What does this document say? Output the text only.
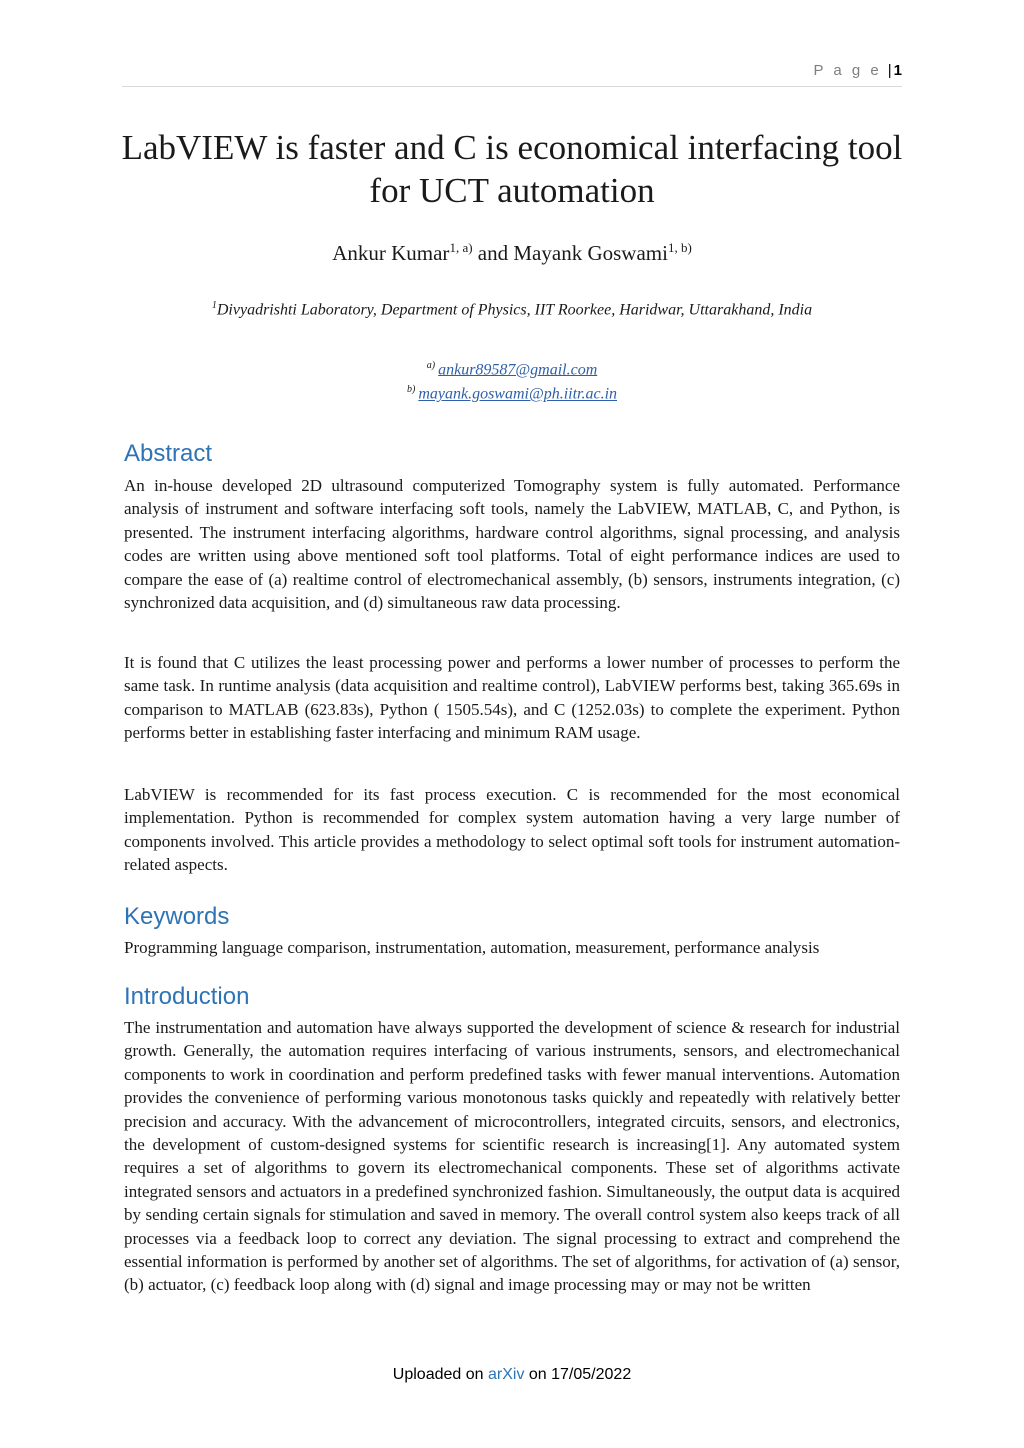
P a g e | 1
LabVIEW is faster and C is economical interfacing tool for UCT automation
Ankur Kumar$^{1, a)}$ and Mayank Goswami$^{1, b)}$
$^1$Divyadrishti Laboratory, Department of Physics, IIT Roorkee, Haridwar, Uttarakhand, India
$^{a)}$ ankur89587@gmail.com
$^{b)}$ mayank.goswami@ph.iitr.ac.in
Abstract

An in-house developed 2D ultrasound computerized Tomography system is fully automated. Performance analysis of instrument and software interfacing soft tools, namely the LabVIEW, MATLAB, C, and Python, is presented. The instrument interfacing algorithms, hardware control algorithms, signal processing, and analysis codes are written using above mentioned soft tool platforms. Total of eight performance indices are used to compare the ease of (a) realtime control of electromechanical assembly, (b) sensors, instruments integration, (c) synchronized data acquisition, and (d) simultaneous raw data processing.

It is found that C utilizes the least processing power and performs a lower number of processes to perform the same task. In runtime analysis (data acquisition and realtime control), LabVIEW performs best, taking 365.69s in comparison to MATLAB (623.83s), Python ( 1505.54s), and C (1252.03s) to complete the experiment. Python performs better in establishing faster interfacing and minimum RAM usage.

LabVIEW is recommended for its fast process execution. C is recommended for the most economical implementation. Python is recommended for complex system automation having a very large number of components involved. This article provides a methodology to select optimal soft tools for instrument automation-related aspects.

Keywords

Programming language comparison, instrumentation, automation, measurement, performance analysis

Introduction

The instrumentation and automation have always supported the development of science & research for industrial growth. Generally, the automation requires interfacing of various instruments, sensors, and electromechanical components to work in coordination and perform predefined tasks with fewer manual interventions. Automation provides the convenience of performing various monotonous tasks quickly and repeatedly with relatively better precision and accuracy. With the advancement of microcontrollers, integrated circuits, sensors, and electronics, the development of custom-designed systems for scientific research is increasing[1]. Any automated system requires a set of algorithms to govern its electromechanical components. These set of algorithms activate integrated sensors and actuators in a predefined synchronized fashion. Simultaneously, the output data is acquired by sending certain signals for stimulation and saved in memory. The overall control system also keeps track of all processes via a feedback loop to correct any deviation. The signal processing to extract and comprehend the essential information is performed by another set of algorithms. The set of algorithms, for activation of (a) sensor, (b) actuator, (c) feedback loop along with (d) signal and image processing may or may not be written

Uploaded on arXiv on 17/05/2022
